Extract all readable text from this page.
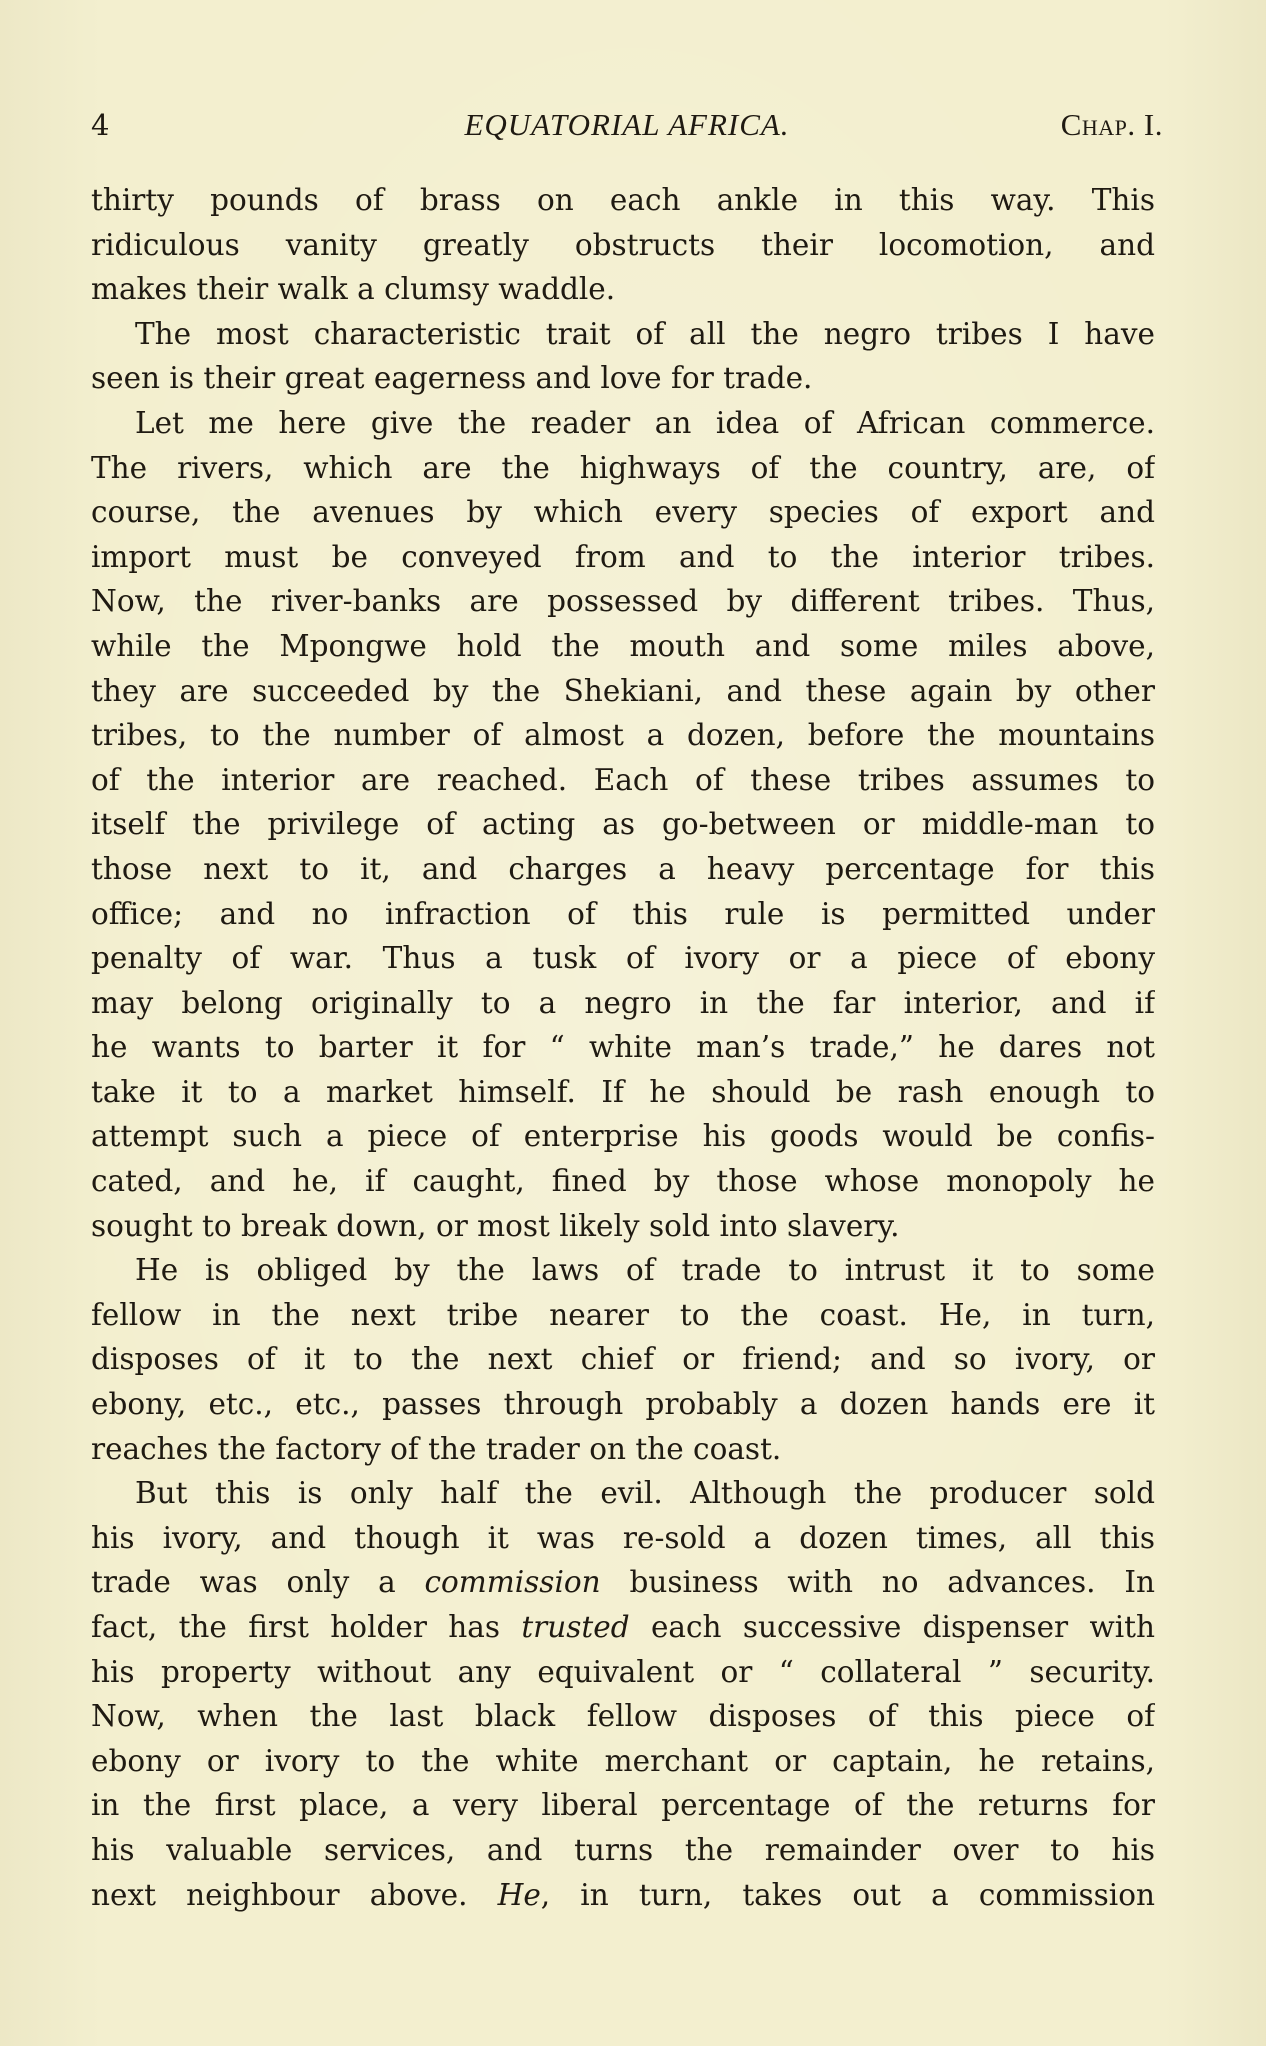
4	EQUATORIAL AFRICA.	Chap. I.
thirty pounds of brass on each ankle in this way. This
ridiculous vanity greatly obstructs their locomotion, and
makes their walk a clumsy waddle.
The most characteristic trait of all the negro tribes I have
seen is their great eagerness and love for trade.
Let me here give the reader an idea of African commerce.
The rivers, which are the highways of the country, are, of
course, the avenues by which every species of export and
import must be conveyed from and to the interior tribes.
Now, the river-banks are possessed by different tribes. Thus,
while the Mpongwe hold the mouth and some miles above,
they are succeeded by the Shekiani, and these again by other
tribes, to the number of almost a dozen, before the mountains
of the interior are reached. Each of these tribes assumes to
itself the privilege of acting as go-between or middle-man to
those next to it, and charges a heavy percentage for this
office; and no infraction of this rule is permitted under
penalty of war. Thus a tusk of ivory or a piece of ebony
may belong originally to a negro in the far interior, and if
he wants to barter it for “ white man’s trade,” he dares not
take it to a market himself. If he should be rash enough to
attempt such a piece of enterprise his goods would be confis-
cated, and he, if caught, fined by those whose monopoly he
sought to break down, or most likely sold into slavery.
He is obliged by the laws of trade to intrust it to some
fellow in the next tribe nearer to the coast. He, in turn,
disposes of it to the next chief or friend; and so ivory, or
ebony, etc., etc., passes through probably a dozen hands ere it
reaches the factory of the trader on the coast.
But this is only half the evil. Although the producer sold
his ivory, and though it was re-sold a dozen times, all this
trade was only a commission business with no advances. In
fact, the first holder has trusted each successive dispenser with
his property without any equivalent or “ collateral ” security.
Now, when the last black fellow disposes of this piece of
ebony or ivory to the white merchant or captain, he retains,
in the first place, a very liberal percentage of the returns for
his valuable services, and turns the remainder over to his
next neighbour above. He, in turn, takes out a commission
